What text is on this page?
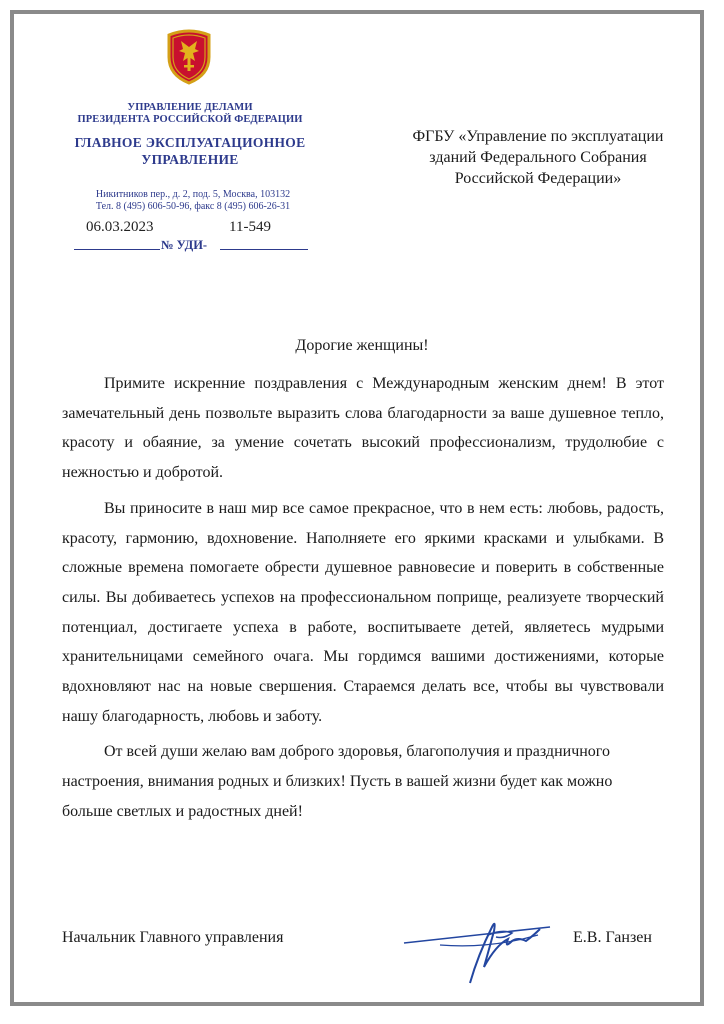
УПРАВЛЕНИЕ ДЕЛАМИ
ПРЕЗИДЕНТА РОССИЙСКОЙ ФЕДЕРАЦИИ
ГЛАВНОЕ ЭКСПЛУАТАЦИОННОЕ
УПРАВЛЕНИЕ
Никитников пер., д. 2, под. 5, Москва, 103132
Тел. 8 (495) 606-50-96, факс 8 (495) 606-26-31
06.03.2023	11-549
№ УДИ-
ФГБУ «Управление по эксплуатации
зданий Федерального Собрания
Российской Федерации»
Дорогие женщины!

Примите искренние поздравления с Международным женским днем! В этот замечательный день позвольте выразить слова благодарности за ваше душевное тепло, красоту и обаяние, за умение сочетать высокий профессионализм, трудолюбие с нежностью и добротой.

Вы приносите в наш мир все самое прекрасное, что в нем есть: любовь, радость, красоту, гармонию, вдохновение. Наполняете его яркими красками и улыбками. В сложные времена помогаете обрести душевное равновесие и поверить в собственные силы. Вы добиваетесь успехов на профессиональном поприще, реализуете творческий потенциал, достигаете успеха в работе, воспитываете детей, являетесь мудрыми хранительницами семейного очага. Мы гордимся вашими достижениями, которые вдохновляют нас на новые свершения. Стараемся делать все, чтобы вы чувствовали нашу благодарность, любовь и заботу.

От всей души желаю вам доброго здоровья, благополучия и праздничного настроения, внимания родных и близких! Пусть в вашей жизни будет как можно больше светлых и радостных дней!

Начальник Главного управления	Е.В. Ганзен
